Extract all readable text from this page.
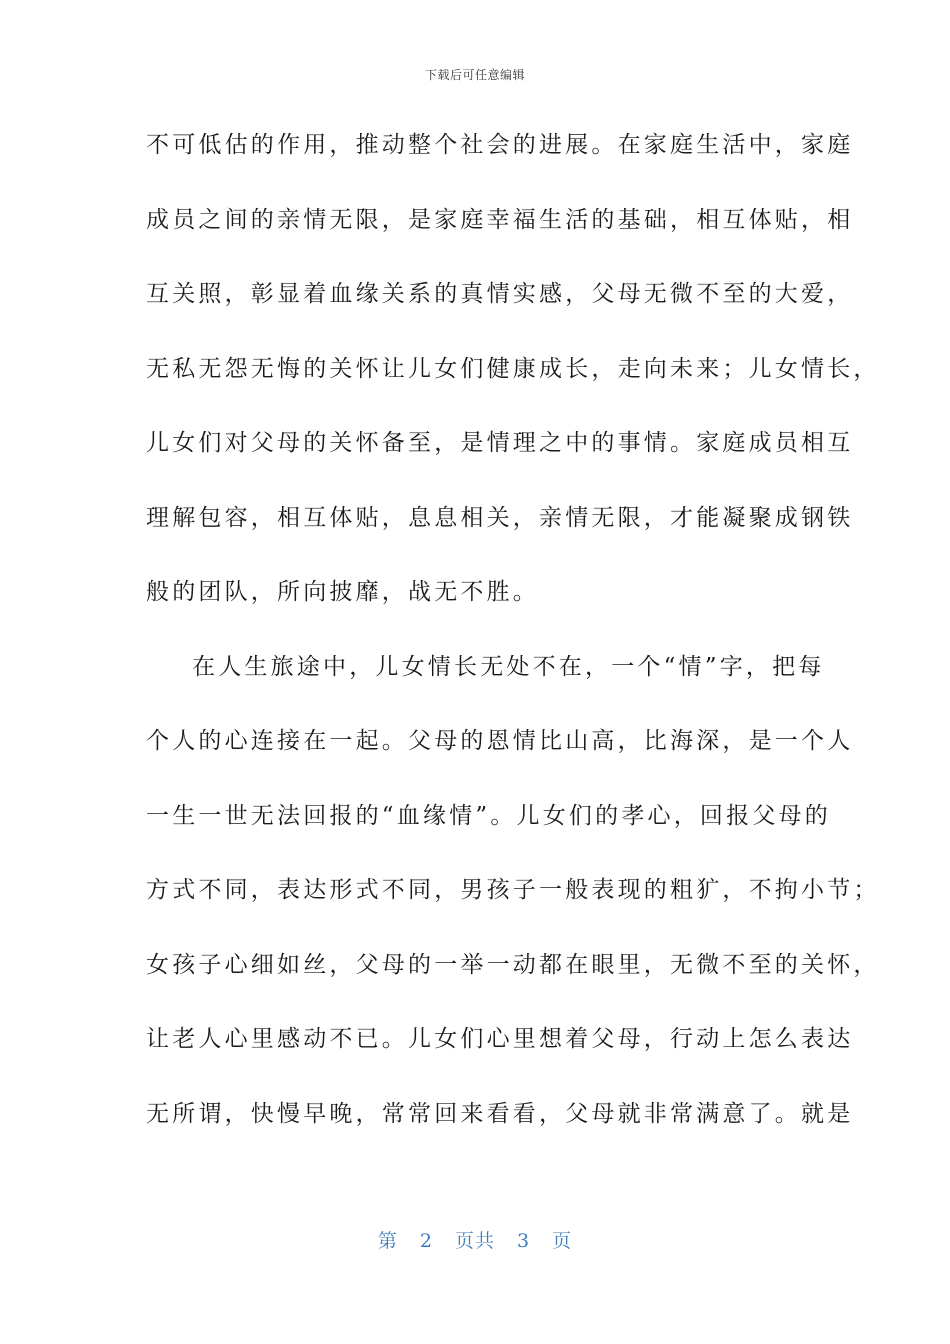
下载后可任意编辑
不可低估的作用，推动整个社会的进展。在家庭生活中，家庭
成员之间的亲情无限，是家庭幸福生活的基础，相互体贴，相
互关照，彰显着血缘关系的真情实感，父母无微不至的大爱，
无私无怨无悔的关怀让儿女们健康成长，走向未来；儿女情长，
儿女们对父母的关怀备至，是情理之中的事情。家庭成员相互
理解包容，相互体贴，息息相关，亲情无限，才能凝聚成钢铁
般的团队，所向披靡，战无不胜。
在人生旅途中，儿女情长无处不在，一个“情”字，把每
个人的心连接在一起。父母的恩情比山高，比海深，是一个人
一生一世无法回报的“血缘情”。儿女们的孝心，回报父母的
方式不同，表达形式不同，男孩子一般表现的粗犷，不拘小节；
女孩子心细如丝，父母的一举一动都在眼里，无微不至的关怀，
让老人心里感动不已。儿女们心里想着父母，行动上怎么表达
无所谓，快慢早晚，常常回来看看，父母就非常满意了。就是
第 2 页共 3 页
